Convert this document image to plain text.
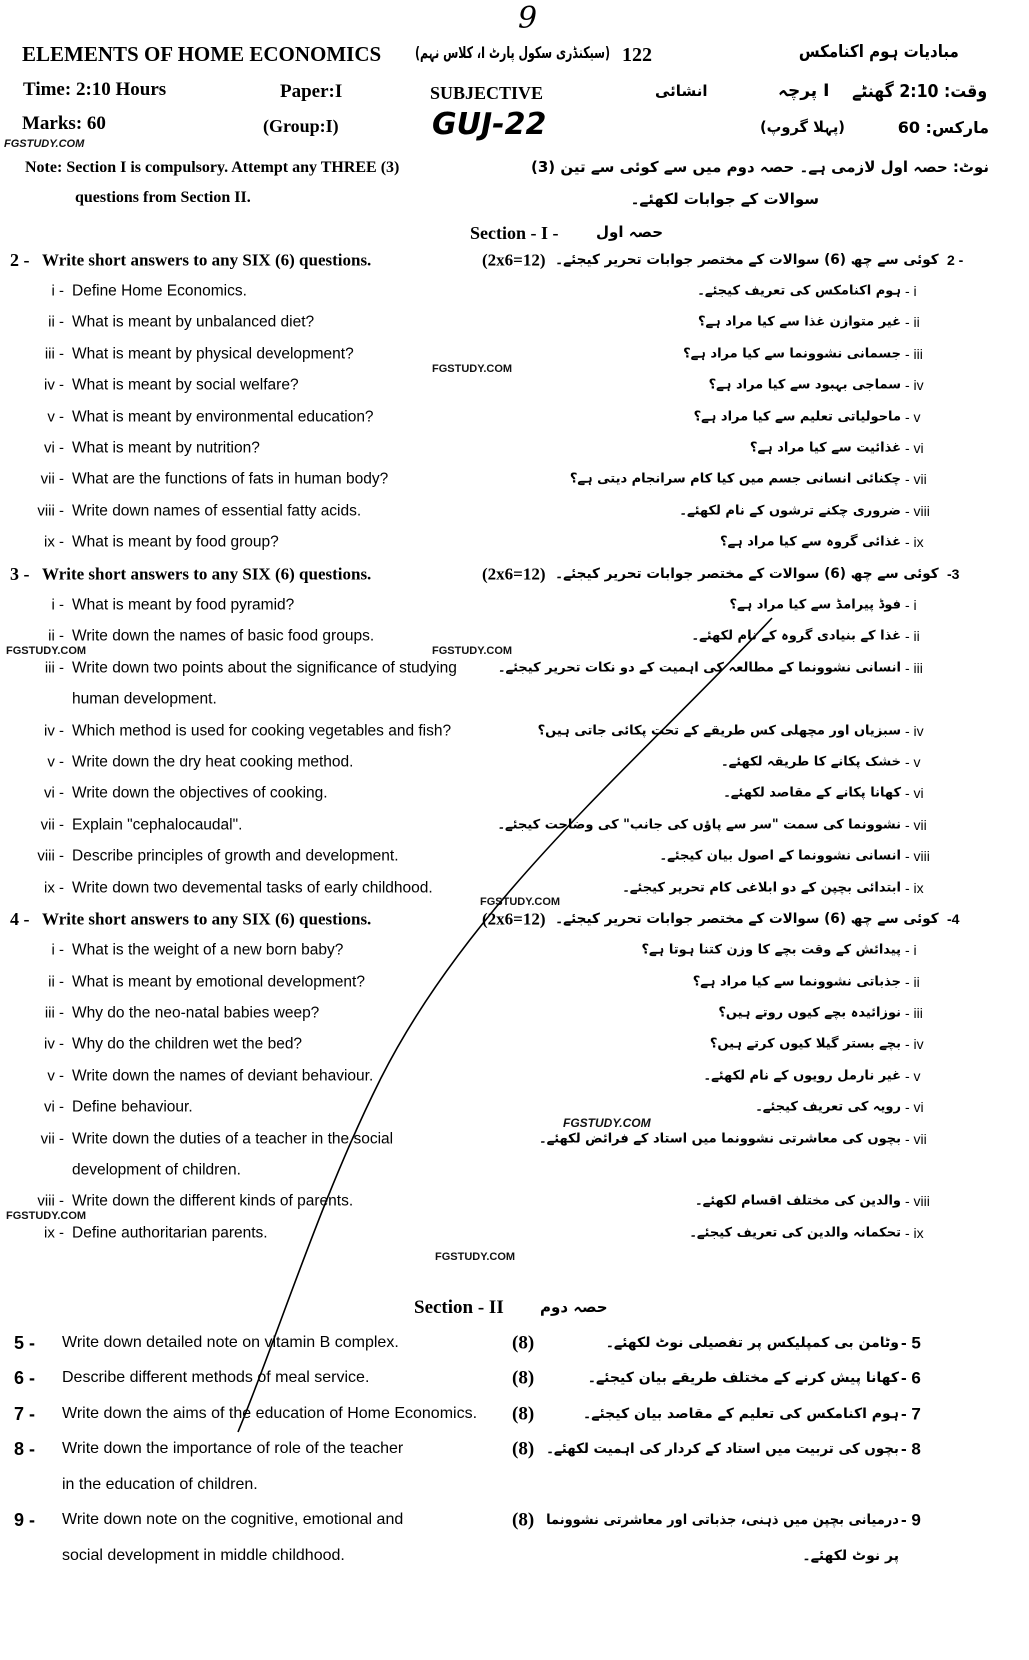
9
ELEMENTS OF HOME ECONOMICS (سیکنڈری سکول پارٹ I، کلاس نہم) 122	مبادیات ہوم اکنامکس
Time: 2:10 Hours	Paper:I	SUBJECTIVE	انشائی	I پرچہ وقت: 2:10 گھنٹے
Marks: 60	(Group:I)	GUJ-22	(پہلا گروپ)	مارکس: 60
Note: Section I is compulsory. Attempt any THREE (3)
questions from Section II.
نوٹ: حصہ اول لازمی ہے۔ حصہ دوم میں سے کوئی سے تین (3)
سوالات کے جوابات لکھئے۔
Section - I -	حصہ اول
2 - Write short answers to any SIX (6) questions.	(2x6=12) کوئی سے چھ (6) سوالات کے مختصر جوابات تحریر کیجئے۔ 2 -
i - Define Home Economics.	ہوم اکنامکس کی تعریف کیجئے۔ - i
ii - What is meant by unbalanced diet?	غیر متوازن غذا سے کیا مراد ہے؟ - ii
iii - What is meant by physical development?	جسمانی نشوونما سے کیا مراد ہے؟ - iii
iv - What is meant by social welfare?	سماجی بہبود سے کیا مراد ہے؟ - iv
v - What is meant by environmental education?	ماحولیاتی تعلیم سے کیا مراد ہے؟ - v
vi - What is meant by nutrition?	غذائیت سے کیا مراد ہے؟ - vi
vii - What are the functions of fats in human body?	چکنائی انسانی جسم میں کیا کام سرانجام دیتی ہے؟ - vii
viii - Write down names of essential fatty acids.	ضروری چکنے ترشوں کے نام لکھئے۔ - viii
ix - What is meant by food group?	غذائی گروہ سے کیا مراد ہے؟ - ix
3 - Write short answers to any SIX (6) questions.	(2x6=12) کوئی سے چھ (6) سوالات کے مختصر جوابات تحریر کیجئے۔ -3
i - What is meant by food pyramid?	فوڈ پیرامڈ سے کیا مراد ہے؟ - i
ii - Write down the names of basic food groups.	غذا کے بنیادی گروہ کے نام لکھئے۔ - ii
iii - Write down two points about the significance of studying	انسانی نشوونما کے مطالعہ کی اہمیت کے دو نکات تحریر کیجئے۔ - iii
human development.
iv - Which method is used for cooking vegetables and fish?	سبزیاں اور مچھلی کس طریقے کے تحت پکائی جاتی ہیں؟ - iv
v - Write down the dry heat cooking method.	خشک پکانے کا طریقہ لکھئے۔ - v
vi - Write down the objectives of cooking.	کھانا پکانے کے مقاصد لکھئے۔ - vi
vii - Explain "cephalocaudal".	نشوونما کی سمت "سر سے پاؤں کی جانب" کی وضاحت کیجئے۔ - vii
viii - Describe principles of growth and development.	انسانی نشوونما کے اصول بیان کیجئے۔ - viii
ix - Write down two devemental tasks of early childhood.	ابتدائی بچپن کے دو ابلاغی کام تحریر کیجئے۔ - ix
4 - Write short answers to any SIX (6) questions.	(2x6=12) کوئی سے چھ (6) سوالات کے مختصر جوابات تحریر کیجئے۔ -4
i - What is the weight of a new born baby?	پیدائش کے وقت بچے کا وزن کتنا ہوتا ہے؟ - i
ii - What is meant by emotional development?	جذباتی نشوونما سے کیا مراد ہے؟ - ii
iii - Why do the neo-natal babies weep?	نوزائیدہ بچے کیوں روتے ہیں؟ - iii
iv - Why do the children wet the bed?	بچے بستر گیلا کیوں کرتے ہیں؟ - iv
v - Write down the names of deviant behaviour.	غیر نارمل رویوں کے نام لکھئے۔ - v
vi - Define behaviour.	رویہ کی تعریف کیجئے۔ - vi
vii - Write down the duties of a teacher in the social	بچوں کی معاشرتی نشوونما میں استاد کے فرائض لکھئے۔ - vii
development of children.
viii - Write down the different kinds of parents.	والدین کی مختلف اقسام لکھئے۔ - viii
ix - Define authoritarian parents.	تحکمانہ والدین کی تعریف کیجئے۔ - ix
Section - II حصہ دوم
5 -	Write down detailed note on vitamin B complex.	(8)	وٹامن بی کمپلیکس پر تفصیلی نوٹ لکھئے۔ - 5
6 -	Describe different methods of meal service.	(8)	کھانا پیش کرنے کے مختلف طریقے بیان کیجئے۔ - 6
7 -	Write down the aims of the education of Home Economics. (8)	ہوم اکنامکس کی تعلیم کے مقاصد بیان کیجئے۔ - 7
8 -	Write down the importance of role of the teacher	(8) بچوں کی تربیت میں استاد کے کردار کی اہمیت لکھئے۔ - 8
in the education of children.
9 -	Write down note on the cognitive, emotional and	(8) درمیانی بچپن میں ذہنی، جذباتی اور معاشرتی نشوونما - 9
social development in middle childhood.	پر نوٹ لکھئے۔
FGSTUDY.COM
FGSTUDY.COM
FGSTUDY.COM
FGSTUDY.COM
FGSTUDY.COM
FGSTUDY.COM
FGSTUDY.COM
FGSTUDY.COM
